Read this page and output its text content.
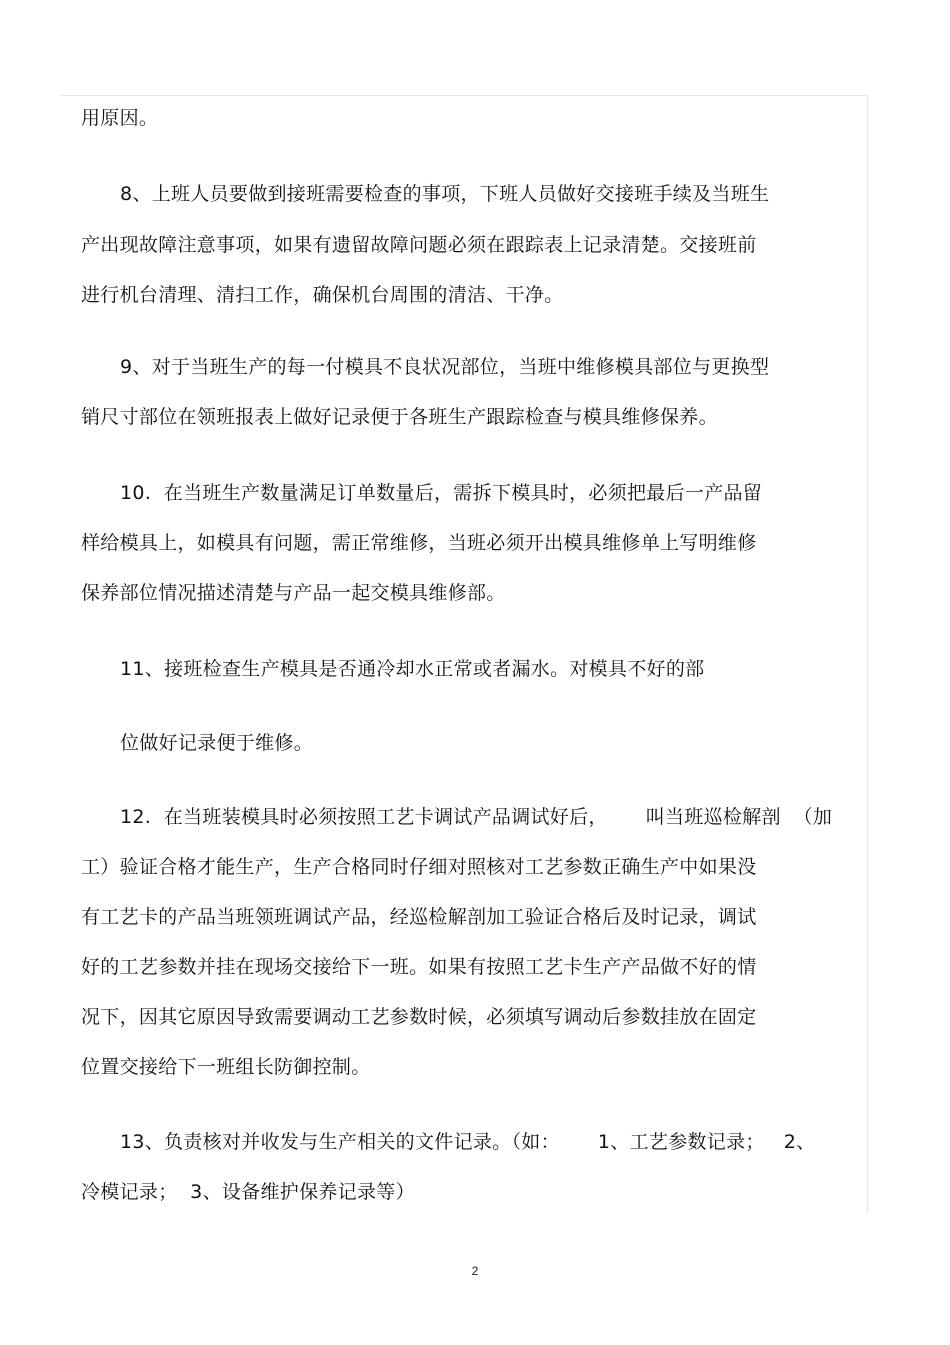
用原因。
8、上班人员要做到接班需要检查的事项，下班人员做好交接班手续及当班生
产出现故障注意事项，如果有遗留故障问题必须在跟踪表上记录清楚。交接班前
进行机台清理、清扫工作，确保机台周围的清洁、干净。
9、对于当班生产的每一付模具不良状况部位，当班中维修模具部位与更换型
销尺寸部位在领班报表上做好记录便于各班生产跟踪检查与模具维修保养。
10.  在当班生产数量满足订单数量后，需拆下模具时，必须把最后一产品留
样给模具上，如模具有问题，需正常维修，当班必须开出模具维修单上写明维修
保养部位情况描述清楚与产品一起交模具维修部。
11、接班检查生产模具是否通冷却水正常或者漏水。对模具不好的部
位做好记录便于维修。
12.  在当班装模具时必须按照工艺卡调试产品调试好后，      叫当班巡检解剖  （加
工）验证合格才能生产，生产合格同时仔细对照核对工艺参数正确生产中如果没
有工艺卡的产品当班领班调试产品，经巡检解剖加工验证合格后及时记录，调试
好的工艺参数并挂在现场交接给下一班。如果有按照工艺卡生产产品做不好的情
况下，因其它原因导致需要调动工艺参数时候，必须填写调动后参数挂放在固定
位置交接给下一班组长防御控制。
13、负责核对并收发与生产相关的文件记录。（如：      1、工艺参数记录；   2、
冷模记录；  3、设备维护保养记录等）
2
